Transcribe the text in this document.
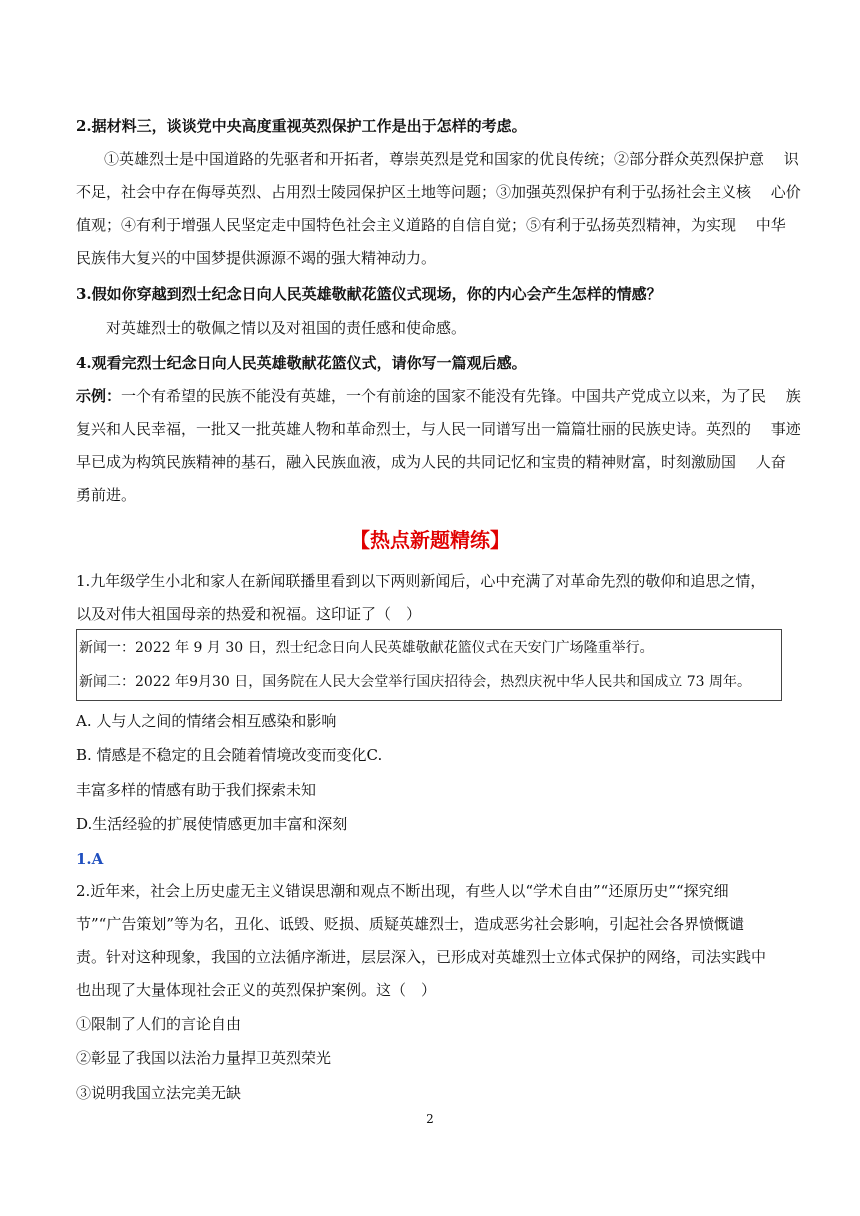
2.据材料三，谈谈党中央高度重视英烈保护工作是出于怎样的考虑。
①英雄烈士是中国道路的先驱者和开拓者，尊崇英烈是党和国家的优良传统；②部分群众英烈保护意　 识
不足，社会中存在侮辱英烈、占用烈士陵园保护区土地等问题；③加强英烈保护有利于弘扬社会主义核　 心价
值观；④有利于增强人民坚定走中国特色社会主义道路的自信自觉；⑤有利于弘扬英烈精神，为实现　 中华
民族伟大复兴的中国梦提供源源不竭的强大精神动力。
3.假如你穿越到烈士纪念日向人民英雄敬献花篮仪式现场，你的内心会产生怎样的情感？
对英雄烈士的敬佩之情以及对祖国的责任感和使命感。
4.观看完烈士纪念日向人民英雄敬献花篮仪式，请你写一篇观后感。
示例：一个有希望的民族不能没有英雄，一个有前途的国家不能没有先锋。中国共产党成立以来，为了民　 族
复兴和人民幸福，一批又一批英雄人物和革命烈士，与人民一同谱写出一篇篇壮丽的民族史诗。英烈的　 事迹
早已成为构筑民族精神的基石，融入民族血液，成为人民的共同记忆和宝贵的精神财富，时刻激励国　 人奋
勇前进。
【热点新题精练】
1.九年级学生小北和家人在新闻联播里看到以下两则新闻后，心中充满了对革命先烈的敬仰和追思之情，
以及对伟大祖国母亲的热爱和祝福。这印证了（　）
新闻一：2022 年 9 月 30 日，烈士纪念日向人民英雄敬献花篮仪式在天安门广场隆重举行。
新闻二：2022 年9月30 日，国务院在人民大会堂举行国庆招待会，热烈庆祝中华人民共和国成立 73 周年。
A. 人与人之间的情绪会相互感染和影响
B. 情感是不稳定的且会随着情境改变而变化C.
丰富多样的情感有助于我们探索未知
D.生活经验的扩展使情感更加丰富和深刻
1.A
2.近年来，社会上历史虚无主义错误思潮和观点不断出现，有些人以“学术自由”“还原历史”“探究细
节”“广告策划”等为名，丑化、诋毁、贬损、质疑英雄烈士，造成恶劣社会影响，引起社会各界愤慨谴
责。针对这种现象，我国的立法循序渐进，层层深入，已形成对英雄烈士立体式保护的网络，司法实践中
也出现了大量体现社会正义的英烈保护案例。这（　）
①限制了人们的言论自由
②彰显了我国以法治力量捍卫英烈荣光
③说明我国立法完美无缺
2
